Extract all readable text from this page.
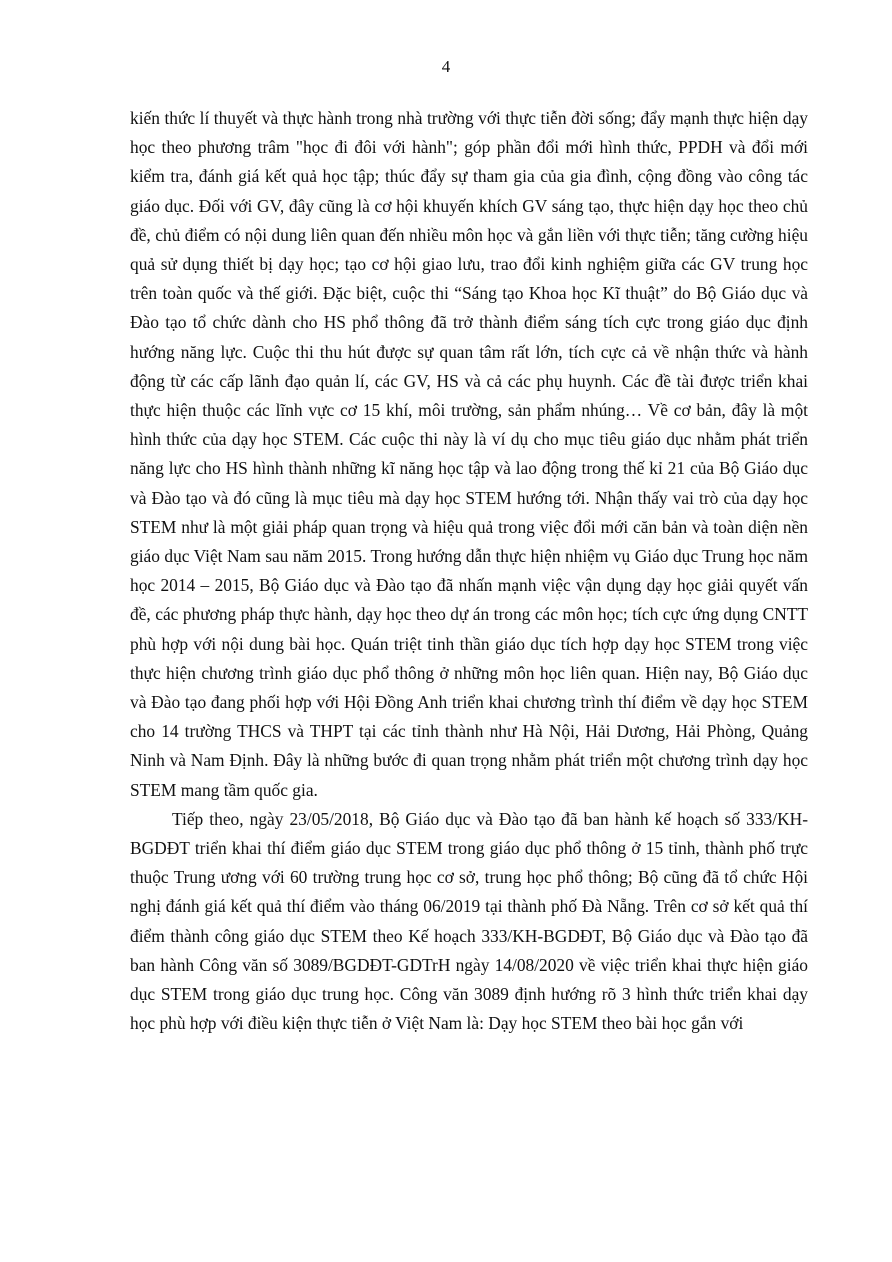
4

kiến thức lí thuyết và thực hành trong nhà trường với thực tiễn đời sống; đẩy mạnh thực hiện dạy học theo phương trâm "học đi đôi với hành"; góp phần đổi mới hình thức, PPDH và đổi mới kiểm tra, đánh giá kết quả học tập; thúc đẩy sự tham gia của gia đình, cộng đồng vào công tác giáo dục. Đối với GV, đây cũng là cơ hội khuyến khích GV sáng tạo, thực hiện dạy học theo chủ đề, chủ điểm có nội dung liên quan đến nhiều môn học và gắn liền với thực tiễn; tăng cường hiệu quả sử dụng thiết bị dạy học; tạo cơ hội giao lưu, trao đổi kinh nghiệm giữa các GV trung học trên toàn quốc và thế giới. Đặc biệt, cuộc thi “Sáng tạo Khoa học Kĩ thuật” do Bộ Giáo dục và Đào tạo tổ chức dành cho HS phổ thông đã trở thành điểm sáng tích cực trong giáo dục định hướng năng lực. Cuộc thi thu hút được sự quan tâm rất lớn, tích cực cả về nhận thức và hành động từ các cấp lãnh đạo quản lí, các GV, HS và cả các phụ huynh. Các đề tài được triển khai thực hiện thuộc các lĩnh vực cơ 15 khí, môi trường, sản phẩm nhúng… Về cơ bản, đây là một hình thức của dạy học STEM. Các cuộc thi này là ví dụ cho mục tiêu giáo dục nhằm phát triển năng lực cho HS hình thành những kĩ năng học tập và lao động trong thế kỉ 21 của Bộ Giáo dục và Đào tạo và đó cũng là mục tiêu mà dạy học STEM hướng tới. Nhận thấy vai trò của dạy học STEM như là một giải pháp quan trọng và hiệu quả trong việc đổi mới căn bản và toàn diện nền giáo dục Việt Nam sau năm 2015. Trong hướng dẫn thực hiện nhiệm vụ Giáo dục Trung học năm học 2014 – 2015, Bộ Giáo dục và Đào tạo đã nhấn mạnh việc vận dụng dạy học giải quyết vấn đề, các phương pháp thực hành, dạy học theo dự án trong các môn học; tích cực ứng dụng CNTT phù hợp với nội dung bài học. Quán triệt tinh thần giáo dục tích hợp dạy học STEM trong việc thực hiện chương trình giáo dục phổ thông ở những môn học liên quan. Hiện nay, Bộ Giáo dục và Đào tạo đang phối hợp với Hội Đồng Anh triển khai chương trình thí điểm về dạy học STEM cho 14 trường THCS và THPT tại các tỉnh thành như Hà Nội, Hải Dương, Hải Phòng, Quảng Ninh và Nam Định. Đây là những bước đi quan trọng nhằm phát triển một chương trình dạy học STEM mang tầm quốc gia.

Tiếp theo, ngày 23/05/2018, Bộ Giáo dục và Đào tạo đã ban hành kế hoạch số 333/KH-BGDĐT triển khai thí điểm giáo dục STEM trong giáo dục phổ thông ở 15 tỉnh, thành phố trực thuộc Trung ương với 60 trường trung học cơ sở, trung học phổ thông; Bộ cũng đã tổ chức Hội nghị đánh giá kết quả thí điểm vào tháng 06/2019 tại thành phố Đà Nẵng. Trên cơ sở kết quả thí điểm thành công giáo dục STEM theo Kế hoạch 333/KH-BGDĐT, Bộ Giáo dục và Đào tạo đã ban hành Công văn số 3089/BGDĐT-GDTrH ngày 14/08/2020 về việc triển khai thực hiện giáo dục STEM trong giáo dục trung học. Công văn 3089 định hướng rõ 3 hình thức triển khai dạy học phù hợp với điều kiện thực tiễn ở Việt Nam là: Dạy học STEM theo bài học gắn với
